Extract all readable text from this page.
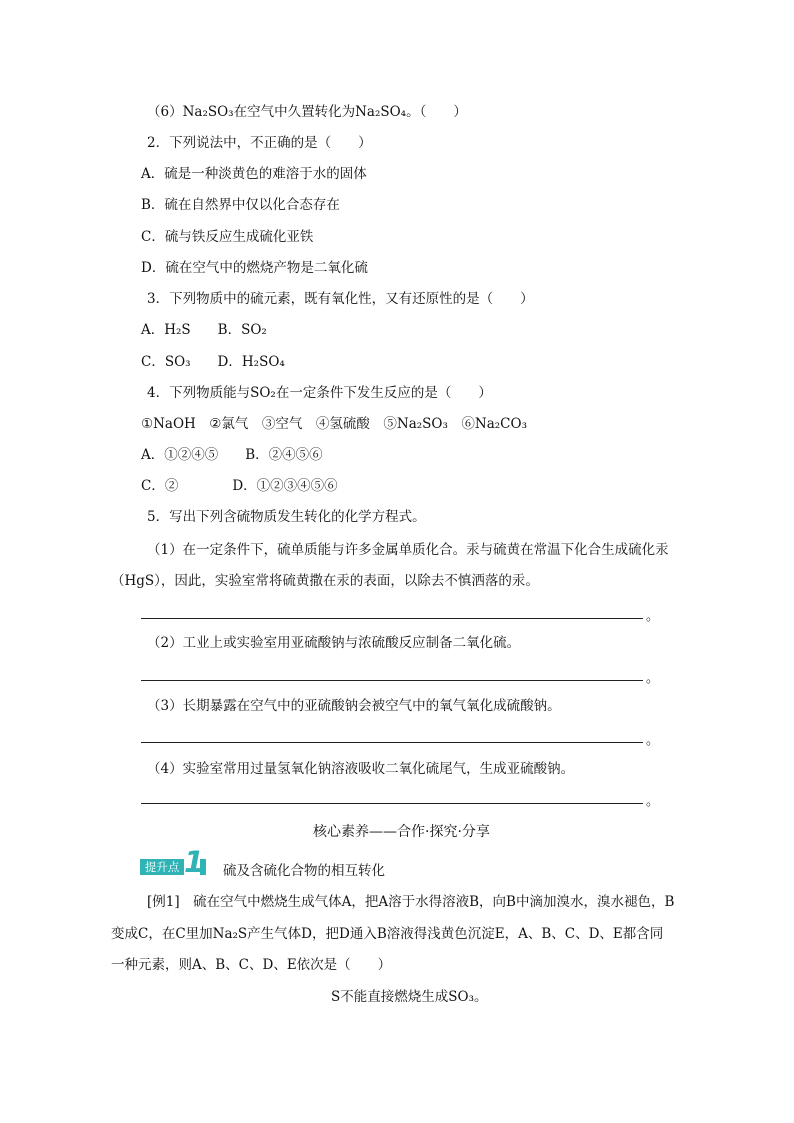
（6）Na₂SO₃在空气中久置转化为Na₂SO₄。（　　）
2．下列说法中，不正确的是（　　）
A．硫是一种淡黄色的难溶于水的固体
B．硫在自然界中仅以化合态存在
C．硫与铁反应生成硫化亚铁
D．硫在空气中的燃烧产物是二氧化硫
3．下列物质中的硫元素，既有氧化性，又有还原性的是（　　）
A．H₂S　　B．SO₂
C．SO₃　　D．H₂SO₄
4．下列物质能与SO₂在一定条件下发生反应的是（　　）
①NaOH　②氯气　③空气　④氢硫酸　⑤Na₂SO₃　⑥Na₂CO₃
A．①②④⑤　　B．②④⑤⑥
C．②　　　　D．①②③④⑤⑥
5．写出下列含硫物质发生转化的化学方程式。
（1）在一定条件下，硫单质能与许多金属单质化合。汞与硫黄在常温下化合生成硫化汞
（HgS），因此，实验室常将硫黄撒在汞的表面，以除去不慎洒落的汞。
。
（2）工业上或实验室用亚硫酸钠与浓硫酸反应制备二氧化硫。
。
（3）长期暴露在空气中的亚硫酸钠会被空气中的氧气氧化成硫酸钠。
。
（4）实验室常用过量氢氧化钠溶液吸收二氧化硫尾气，生成亚硫酸钠。
。
核心素养——合作·探究·分享
提升点 1 硫及含硫化合物的相互转化
[例1]　硫在空气中燃烧生成气体A，把A溶于水得溶液B，向B中滴加溴水，溴水褪色，B
变成C，在C里加Na₂S产生气体D，把D通入B溶液得浅黄色沉淀E，A、B、C、D、E都含同
一种元素，则A、B、C、D、E依次是（　　）
S不能直接燃烧生成SO₃。
